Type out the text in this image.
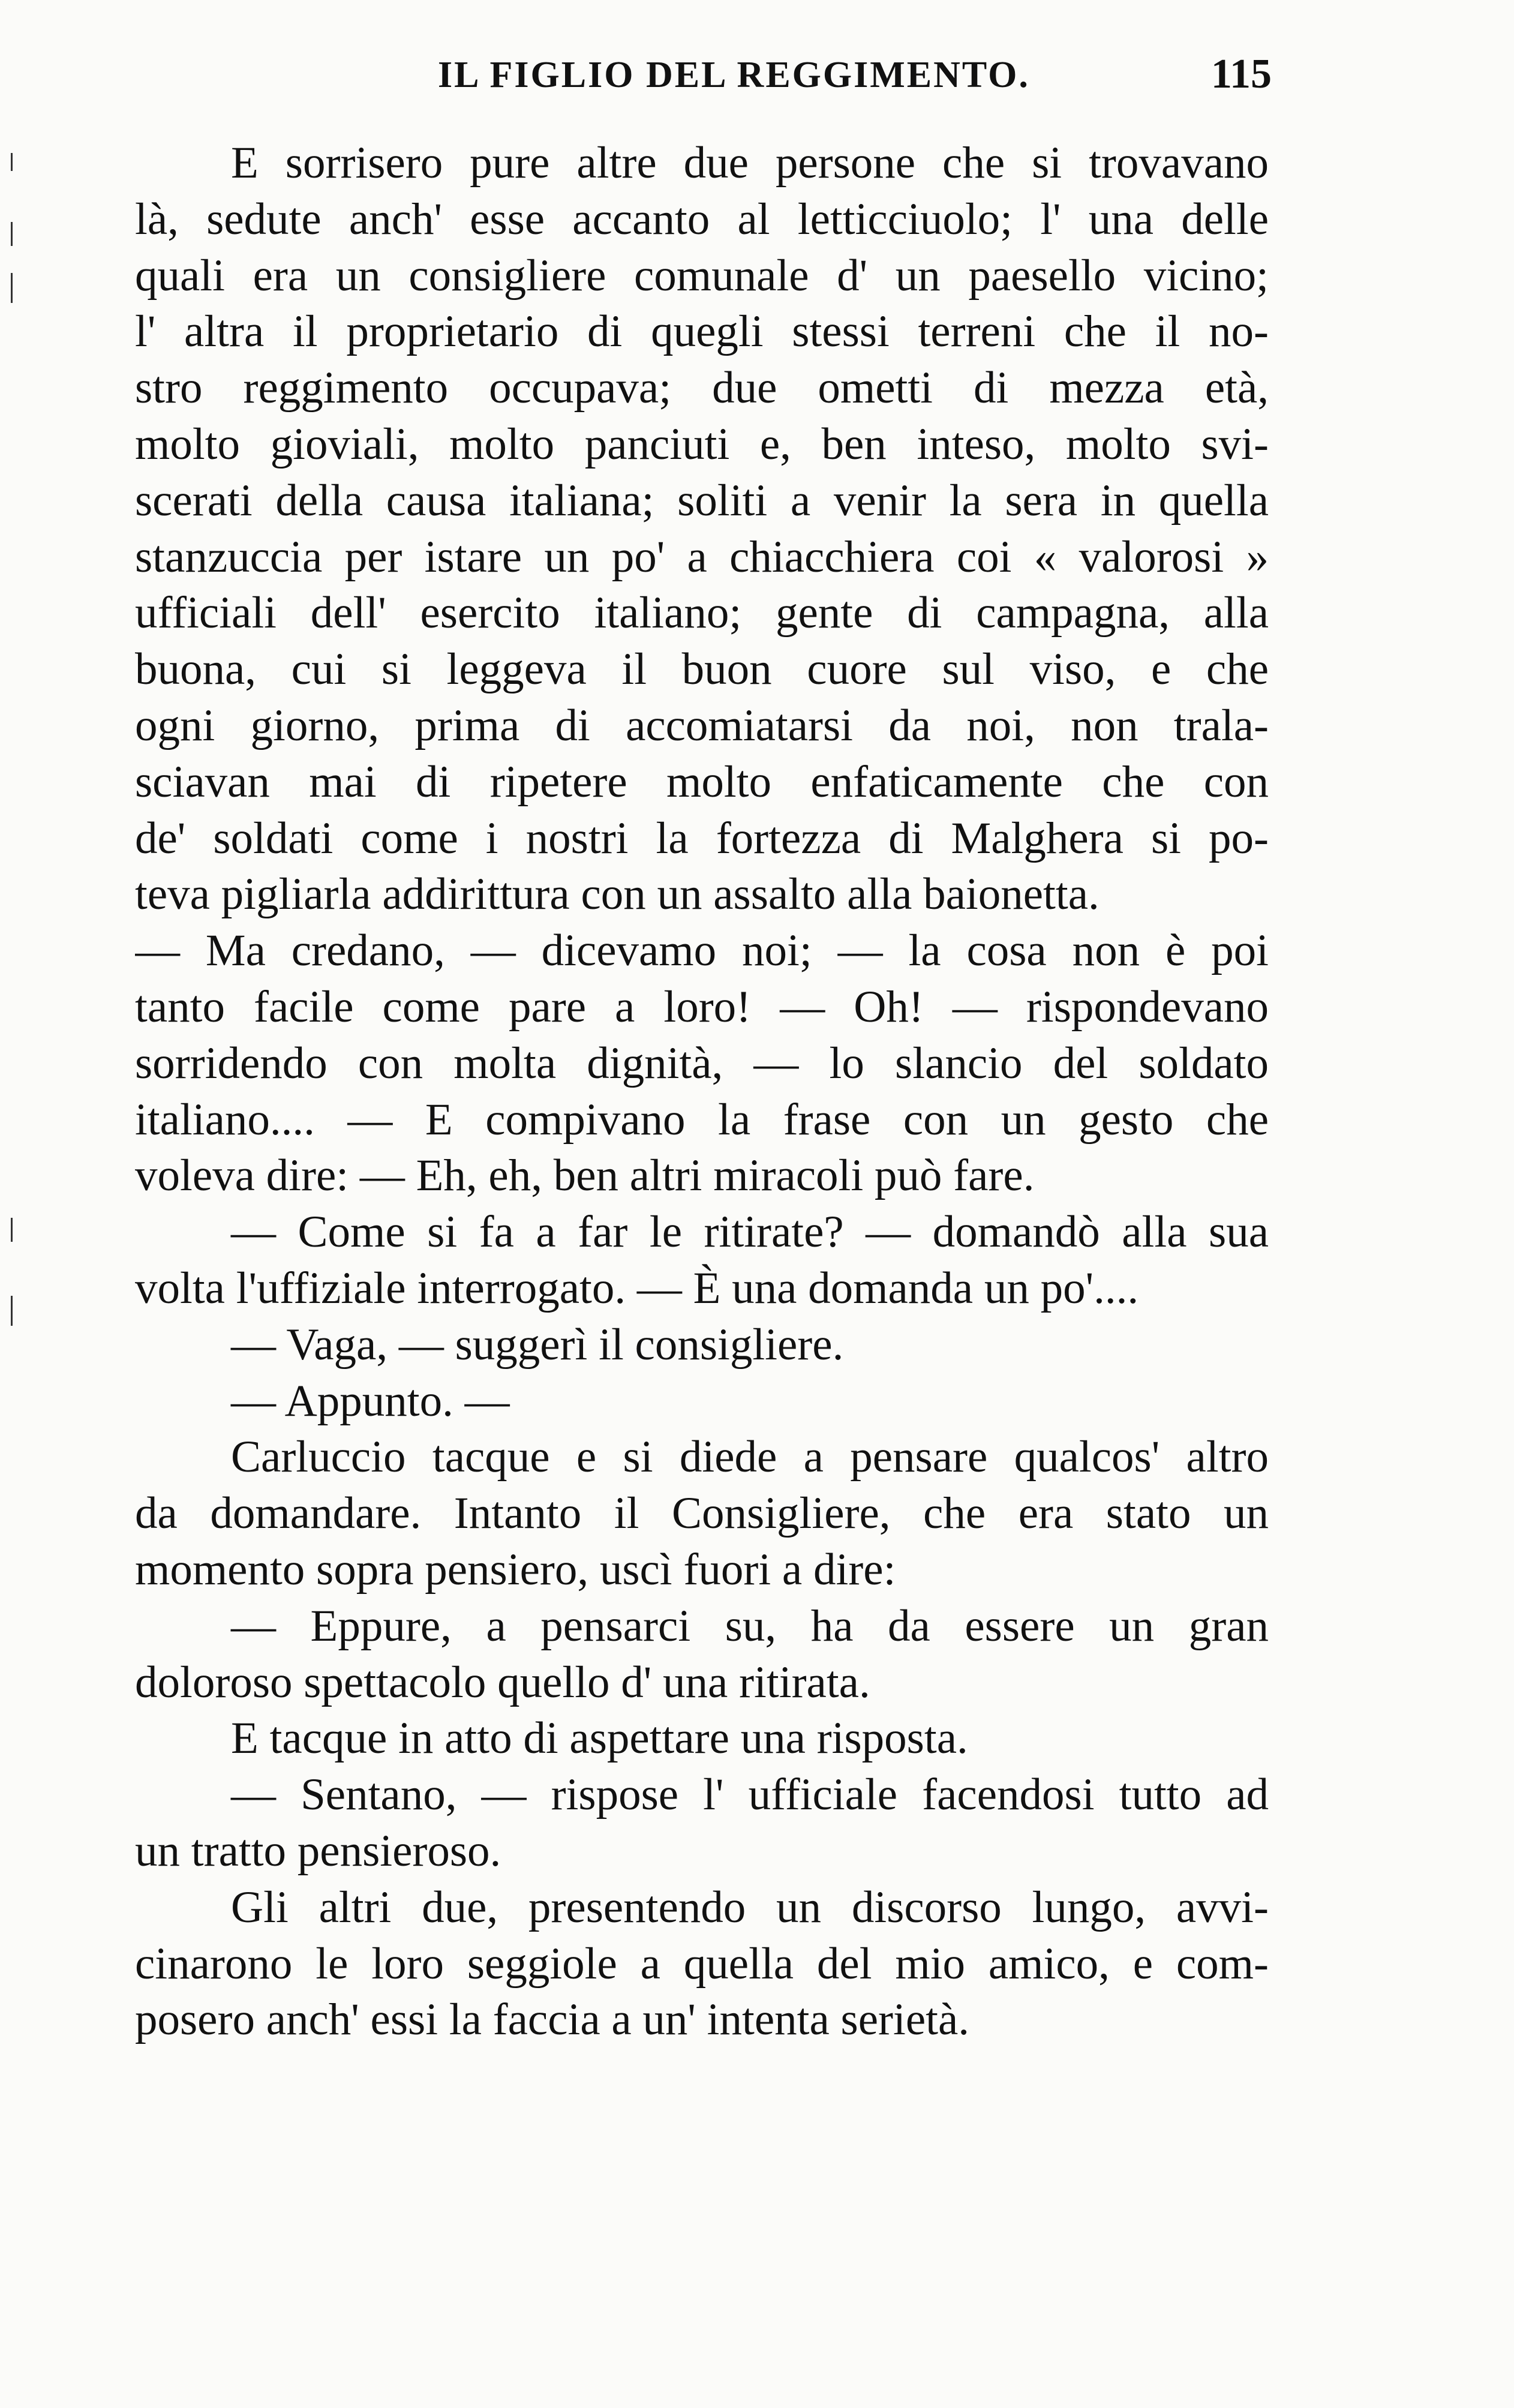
IL FIGLIO DEL REGGIMENTO.	115
E sorrisero pure altre due persone che si trovavano
là, sedute anch' esse accanto al letticciuolo; l' una delle
quali era un consigliere comunale d' un paesello vicino;
l' altra il proprietario di quegli stessi terreni che il no-
stro reggimento occupava; due ometti di mezza età,
molto gioviali, molto panciuti e, ben inteso, molto svi-
scerati della causa italiana; soliti a venir la sera in quella
stanzuccia per istare un po' a chiacchiera coi « valorosi »
ufficiali dell' esercito italiano; gente di campagna, alla
buona, cui si leggeva il buon cuore sul viso, e che
ogni giorno, prima di accomiatarsi da noi, non trala-
sciavan mai di ripetere molto enfaticamente che con
de' soldati come i nostri la fortezza di Malghera si po-
teva pigliarla addirittura con un assalto alla baionetta.
— Ma credano, — dicevamo noi; — la cosa non è poi
tanto facile come pare a loro! — Oh! — rispondevano
sorridendo con molta dignità, — lo slancio del soldato
italiano.... — E compivano la frase con un gesto che
voleva dire: — Eh, eh, ben altri miracoli può fare.
— Come si fa a far le ritirate? — domandò alla sua
volta l'uffiziale interrogato. — È una domanda un po'....
— Vaga, — suggerì il consigliere.
— Appunto. —
Carluccio tacque e si diede a pensare qualcos' altro
da domandare. Intanto il Consigliere, che era stato un
momento sopra pensiero, uscì fuori a dire:
— Eppure, a pensarci su, ha da essere un gran
doloroso spettacolo quello d' una ritirata.
E tacque in atto di aspettare una risposta.
— Sentano, — rispose l' ufficiale facendosi tutto ad
un tratto pensieroso.
Gli altri due, presentendo un discorso lungo, avvi-
cinarono le loro seggiole a quella del mio amico, e com-
posero anch' essi la faccia a un' intenta serietà.
